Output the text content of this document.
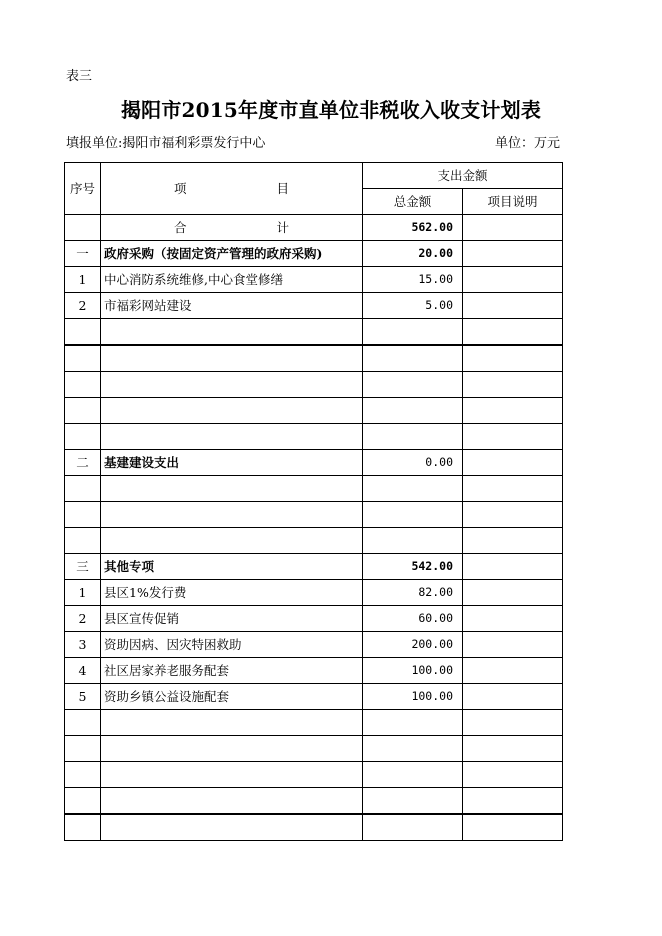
表三
揭阳市2015年度市直单位非税收入收支计划表
填报单位:揭阳市福利彩票发行中心	单位：万元
序号	项 目	支出金额	
		总金额	项目说明
	合 计	562.00	
一	政府采购（按固定资产管理的政府采购)	20.00	
1	中心消防系统维修,中心食堂修缮	15.00	
2	市福彩网站建设	5.00	

二	基建建设支出	0.00	

三	其他专项	542.00	
1	县区1%发行费	82.00	
2	县区宣传促销	60.00	
3	资助因病、因灾特困救助	200.00	
4	社区居家养老服务配套	100.00	
5	资助乡镇公益设施配套	100.00	
